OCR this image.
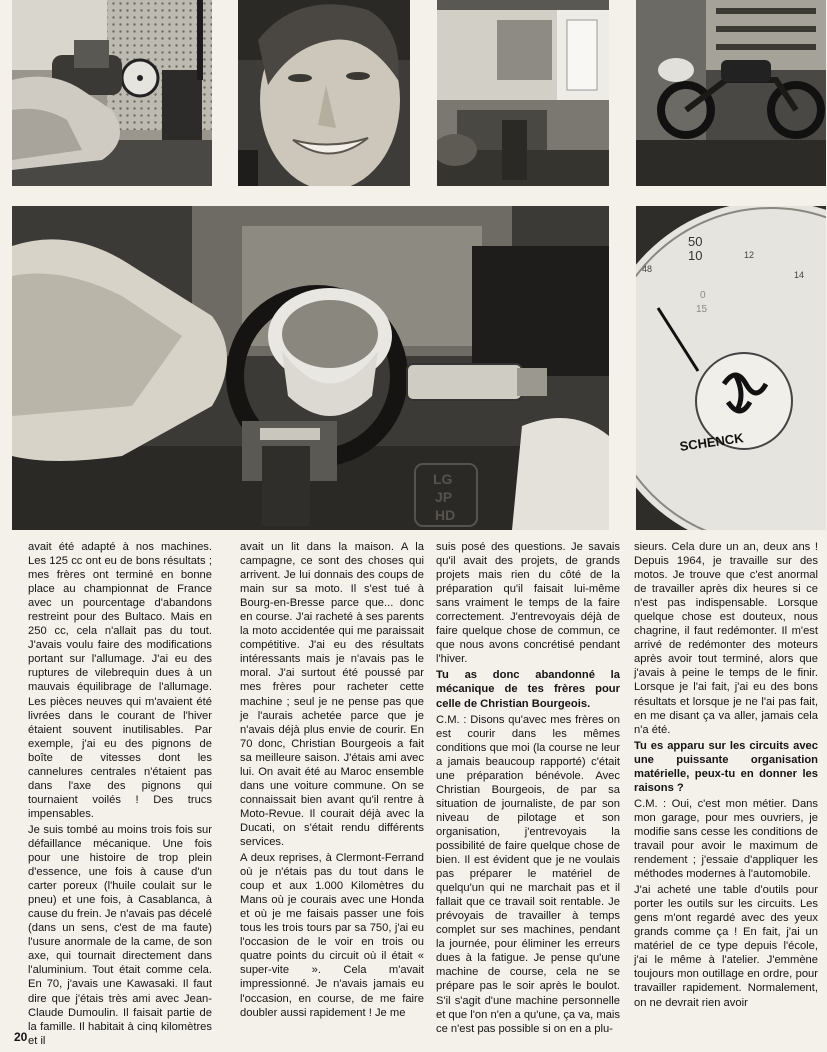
50
10	12
14
48
0
15
SCHENCK
LG
JP
HD

avait été adapté à nos machines. Les 125 cc ont eu de bons résultats ; mes frères ont terminé en bonne place au championnat de France avec un pourcentage d'abandons restreint pour des Bultaco. Mais en 250 cc, cela n'allait pas du tout. J'avais voulu faire des modifications portant sur l'allumage. J'ai eu des ruptures de vilebrequin dues à un mauvais équilibrage de l'allumage. Les pièces neuves qui m'avaient été livrées dans le courant de l'hiver étaient souvent inutilisables. Par exemple, j'ai eu des pignons de boîte de vitesses dont les cannelures centrales n'étaient pas dans l'axe des pignons qui tournaient voilés ! Des trucs impensables.

Je suis tombé au moins trois fois sur défaillance mécanique. Une fois pour une histoire de trop plein d'essence, une fois à cause d'un carter poreux (l'huile coulait sur le pneu) et une fois, à Casablanca, à cause du frein. Je n'avais pas décelé (dans un sens, c'est de ma faute) l'usure anormale de la came, de son axe, qui tournait directement dans l'aluminium. Tout était comme cela. En 70, j'avais une Kawasaki. Il faut dire que j'étais très ami avec Jean-Claude Dumoulin. Il faisait partie de la famille. Il habitait à cinq kilomètres et il

avait un lit dans la maison. A la campagne, ce sont des choses qui arrivent. Je lui donnais des coups de main sur sa moto. Il s'est tué à Bourg-en-Bresse parce que... donc en course. J'ai racheté à ses parents la moto accidentée qui me paraissait compétitive. J'ai eu des résultats intéressants mais je n'avais pas le moral. J'ai surtout été poussé par mes frères pour racheter cette machine ; seul je ne pense pas que je l'aurais achetée parce que je n'avais déjà plus envie de courir. En 70 donc, Christian Bourgeois a fait sa meilleure saison. J'étais ami avec lui. On avait été au Maroc ensemble dans une voiture commune. On se connaissait bien avant qu'il rentre à Moto-Revue. Il courait déjà avec la Ducati, on s'était rendu différents services.

A deux reprises, à Clermont-Ferrand où je n'étais pas du tout dans le coup et aux 1.000 Kilomètres du Mans où je courais avec une Honda et où je me faisais passer une fois tous les trois tours par sa 750, j'ai eu l'occasion de le voir en trois ou quatre points du circuit où il était « super-vite ». Cela m'avait impressionné. Je n'avais jamais eu l'occasion, en course, de me faire doubler aussi rapidement ! Je me

suis posé des questions. Je savais qu'il avait des projets, de grands projets mais rien du côté de la préparation qu'il faisait lui-même sans vraiment le temps de la faire correctement. J'entrevoyais déjà de faire quelque chose de commun, ce que nous avons concrétisé pendant l'hiver.

Tu as donc abandonné la mécanique de tes frères pour celle de Christian Bourgeois.

C.M. : Disons qu'avec mes frères on est courir dans les mêmes conditions que moi (la course ne leur a jamais beaucoup rapporté) c'était une préparation bénévole. Avec Christian Bourgeois, de par sa situation de journaliste, de par son niveau de pilotage et son organisation, j'entrevoyais la possibilité de faire quelque chose de bien. Il est évident que je ne voulais pas préparer le matériel de quelqu'un qui ne marchait pas et il fallait que ce travail soit rentable. Je prévoyais de travailler à temps complet sur ses machines, pendant la journée, pour éliminer les erreurs dues à la fatigue. Je pense qu'une machine de course, cela ne se prépare pas le soir après le boulot. S'il s'agit d'une machine personnelle et que l'on n'en a qu'une, ça va, mais ce n'est pas possible si on en a plu-

sieurs. Cela dure un an, deux ans ! Depuis 1964, je travaille sur des motos. Je trouve que c'est anormal de travailler après dix heures si ce n'est pas indispensable. Lorsque quelque chose est douteux, nous chagrine, il faut redémonter. Il m'est arrivé de redémonter des moteurs après avoir tout terminé, alors que j'avais à peine le temps de le finir. Lorsque je l'ai fait, j'ai eu des bons résultats et lorsque je ne l'ai pas fait, en me disant ça va aller, jamais cela n'a été.

Tu es apparu sur les circuits avec une puissante organisation matérielle, peux-tu en donner les raisons ?

C.M. : Oui, c'est mon métier. Dans mon garage, pour mes ouvriers, je modifie sans cesse les conditions de travail pour avoir le maximum de rendement ; j'essaie d'appliquer les méthodes modernes à l'automobile.

J'ai acheté une table d'outils pour porter les outils sur les circuits. Les gens m'ont regardé avec des yeux grands comme ça ! En fait, j'ai un matériel de ce type depuis l'école, j'ai le même à l'atelier. J'emmène toujours mon outillage en ordre, pour travailler rapidement. Normalement, on ne devrait rien avoir

20
